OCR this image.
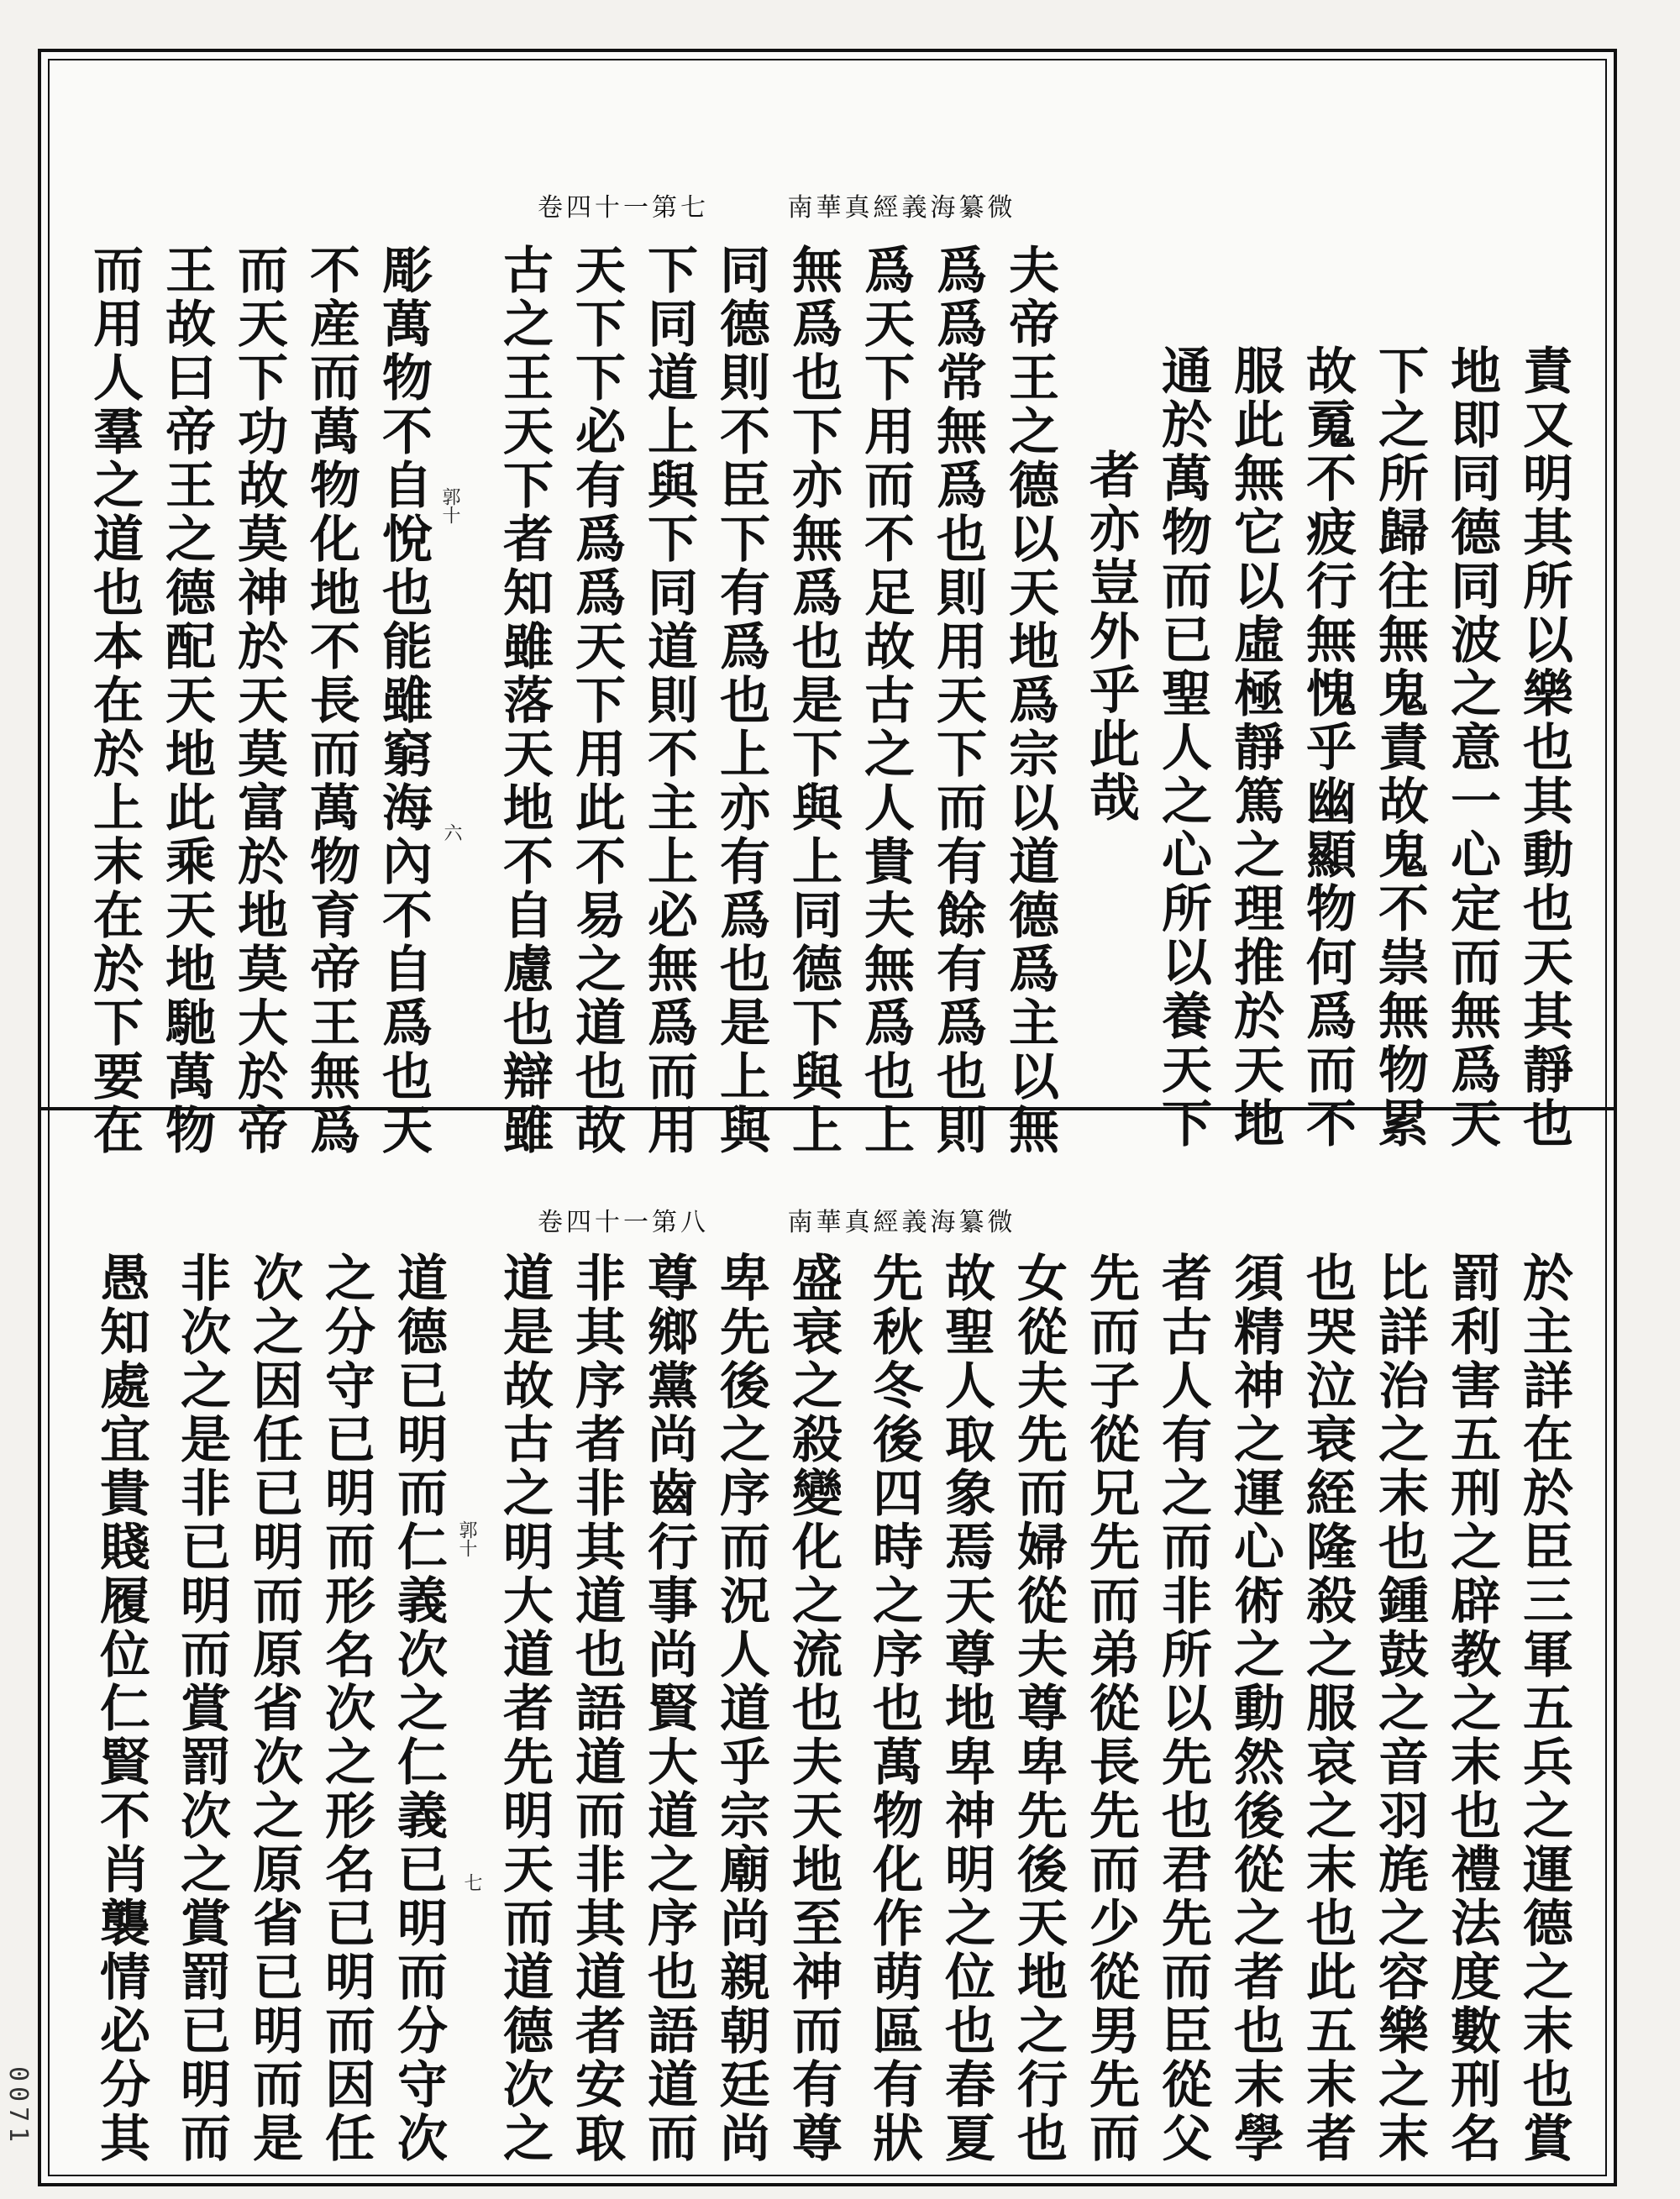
卷四十一第七	南華真經義海纂微
責又明其所以樂也其動也天其靜也
地即同德同波之意一心定而無爲天
下之所歸往無鬼責故鬼不祟無物累
故䰟不疲行無愧乎幽顯物何爲而不
服此無它以虛極靜篤之理推於天地
通於萬物而已聖人之心所以養天下
者亦豈外乎此哉
夫帝王之德以天地爲宗以道德爲主以無
爲爲常無爲也則用天下而有餘有爲也則
爲天下用而不足故古之人貴夫無爲也上
無爲也下亦無爲也是下與上同德下與上
同德則不臣下有爲也上亦有爲也是上與
下同道上與下同道則不主上必無爲而用
天下下必有爲爲天下用此不易之道也故
古之王天下者知雖落天地不自慮也辯雖
彫萬物不自悅也能雖窮海內不自爲也天
不産而萬物化地不長而萬物育帝王無爲
而天下功故莫神於天莫富於地莫大於帝
王故曰帝王之德配天地此乘天地馳萬物
而用人羣之道也本在於上末在於下要在	郭十
六
卷四十一第八	南華真經義海纂微
於主詳在於臣三軍五兵之運德之末也賞
罰利害五刑之辟教之末也禮法度數刑名
比詳治之末也鍾鼓之音羽旄之容樂之末
也哭泣衰絰隆殺之服哀之末也此五末者
須精神之運心術之動然後從之者也末學
者古人有之而非所以先也君先而臣從父
先而子從兄先而弟從長先而少從男先而
女從夫先而婦從夫尊卑先後天地之行也
故聖人取象焉天尊地卑神明之位也春夏
先秋冬後四時之序也萬物化作萌區有狀
盛衰之殺變化之流也夫天地至神而有尊
卑先後之序而況人道乎宗廟尚親朝廷尚
尊鄉黨尚齒行事尚賢大道之序也語道而
非其序者非其道也語道而非其道者安取
道是故古之明大道者先明天而道德次之
道德已明而仁義次之仁義已明而分守次
之分守已明而形名次之形名已明而因任
次之因任已明而原省次之原省已明而是
非次之是非已明而賞罰次之賞罰已明而
愚知處宜貴賤履位仁賢不肖襲情必分其	郭十
七
0071
